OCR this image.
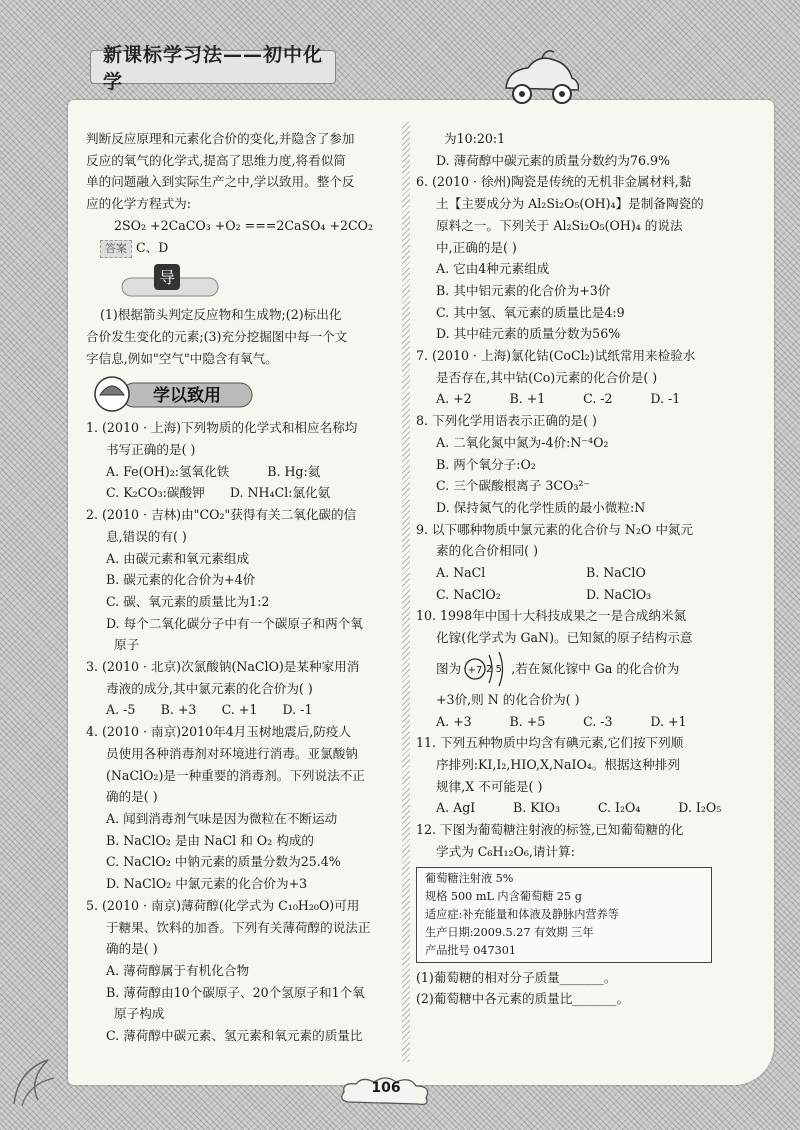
新课标学习法——初中化学

判断反应原理和元素化合价的变化,并隐含了参加

反应的氧气的化学式,提高了思维力度,将看似简

单的问题融入到实际生产之中,学以致用。整个反

应的化学方程式为:

2SO₂ +2CaCO₃ +O₂ ===2CaSO₄ +2CO₂

答案 C、D

导

(1)根据箭头判定反应物和生成物;(2)标出化

合价发生变化的元素;(3)充分挖掘图中每一个文

字信息,例如"空气"中隐含有氧气。

学以致用

1. (2010 · 上海)下列物质的化学式和相应名称均

书写正确的是( )

A. Fe(OH)₂:氢氧化铁   	B. Hg:氦

C. K₂CO₃:碳酸钾   D. NH₄Cl:氯化氨

2. (2010 · 吉林)由"CO₂"获得有关二氧化碳的信

息,错误的有( )

A. 由碳元素和氧元素组成

B. 碳元素的化合价为+4价

C. 碳、氧元素的质量比为1:2

D. 每个二氧化碳分子中有一个碳原子和两个氧

原子

3. (2010 · 北京)次氯酸钠(NaClO)是某种家用消

毒液的成分,其中氯元素的化合价为( )

A. -5   B. +3   C. +1   D. -1

4. (2010 · 南京)2010年4月玉树地震后,防疫人

员使用各种消毒剂对环境进行消毒。亚氯酸钠

(NaClO₂)是一种重要的消毒剂。下列说法不正

确的是( )

A. 闻到消毒剂气味是因为微粒在不断运动

B. NaClO₂ 是由 NaCl 和 O₂ 构成的

C. NaClO₂ 中钠元素的质量分数为25.4%

D. NaClO₂ 中氯元素的化合价为+3

5. (2010 · 南京)薄荷醇(化学式为 C₁₀H₂₀O)可用

于糖果、饮料的加香。下列有关薄荷醇的说法正

确的是( )

A. 薄荷醇属于有机化合物

B. 薄荷醇由10个碳原子、20个氢原子和1个氧

原子构成

C. 薄荷醇中碳元素、氢元素和氧元素的质量比

为10:20:1

D. 薄荷醇中碳元素的质量分数约为76.9%

6. (2010 · 徐州)陶瓷是传统的无机非金属材料,黏

土【主要成分为 Al₂Si₂O₅(OH)₄】是制备陶瓷的

原料之一。下列关于 Al₂Si₂O₅(OH)₄ 的说法

中,正确的是( )

A. 它由4种元素组成

B. 其中铝元素的化合价为+3价

C. 其中氢、氧元素的质量比是4:9

D. 其中硅元素的质量分数为56%

7. (2010 · 上海)氯化钴(CoCl₂)试纸常用来检验水

是否存在,其中钴(Co)元素的化合价是( )

A. +2   	B. +1   	C. -2   	D. -1

8. 下列化学用语表示正确的是( )

A. 二氧化氮中氮为-4价:N⁻⁴O₂

B. 两个氧分子:O₂

C. 三个碳酸根离子 3CO₃²⁻

D. 保持氮气的化学性质的最小微粒:N

9. 以下哪种物质中氯元素的化合价与 N₂O 中氮元

素的化合价相同( )

A. NaCl	B. NaClO

C. NaClO₂	D. NaClO₃

10. 1998年中国十大科技成果之一是合成纳米氮

化镓(化学式为 GaN)。已知氮的原子结构示意

图为 +7 2 5 ,若在氮化镓中 Ga 的化合价为

+3价,则 N 的化合价为( )

A. +3   	B. +5   	C. -3   	D. +1

11. 下列五种物质中均含有碘元素,它们按下列顺

序排列:KI,I₂,HIO,X,NaIO₄。根据这种排列

规律,X 不可能是( )

A. AgI   	B. KIO₃   	C. I₂O₄   	D. I₂O₅

12. 下图为葡萄糖注射液的标签,已知葡萄糖的化

学式为 C₆H₁₂O₆,请计算:

葡萄糖注射液 5%

规格 500 mL 内含葡萄糖 25 g

适应症:补充能量和体液及静脉内营养等

生产日期:2009.5.27 有效期 三年

产品批号 047301

(1)葡萄糖的相对分子质量_______。

(2)葡萄糖中各元素的质量比_______。

106
